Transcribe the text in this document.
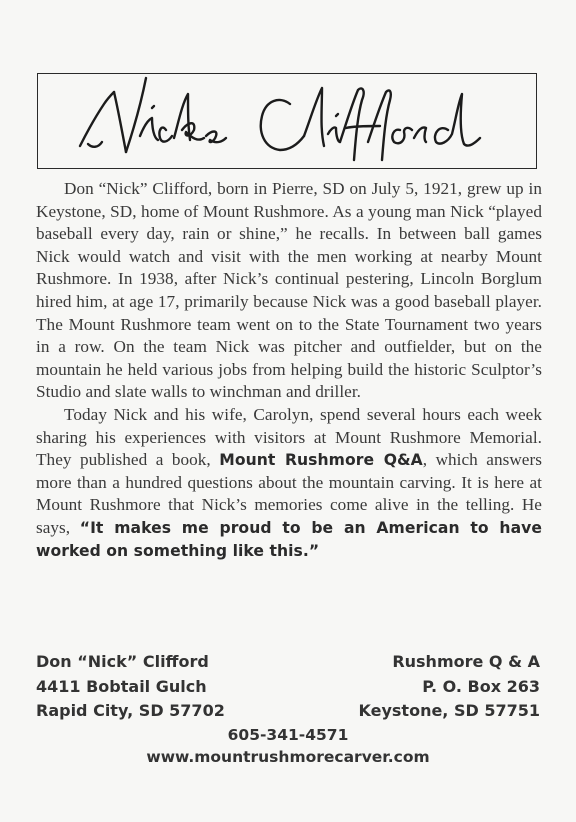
Don “Nick” Clifford, born in Pierre, SD on July 5, 1921, grew up in Keystone, SD, home of Mount Rushmore. As a young man Nick “played baseball every day, rain or shine,” he recalls. In between ball games Nick would watch and visit with the men working at nearby Mount Rushmore. In 1938, after Nick’s continual pestering, Lincoln Borglum hired him, at age 17, primarily because Nick was a good baseball player. The Mount Rushmore team went on to the State Tournament two years in a row. On the team Nick was pitcher and outfielder, but on the mountain he held various jobs from helping build the historic Sculptor’s Studio and slate walls to winchman and driller.

Today Nick and his wife, Carolyn, spend several hours each week sharing his experiences with visitors at Mount Rushmore Memorial. They published a book, Mount Rushmore Q&A, which answers more than a hundred questions about the mountain carving. It is here at Mount Rushmore that Nick’s memories come alive in the telling. He says, “It makes me proud to be an American to have worked on something like this.”

Don “Nick” Clifford
4411 Bobtail Gulch
Rapid City, SD 57702
Rushmore Q & A
P. O. Box 263
Keystone, SD 57751
605-341-4571
www.mountrushmorecarver.com
